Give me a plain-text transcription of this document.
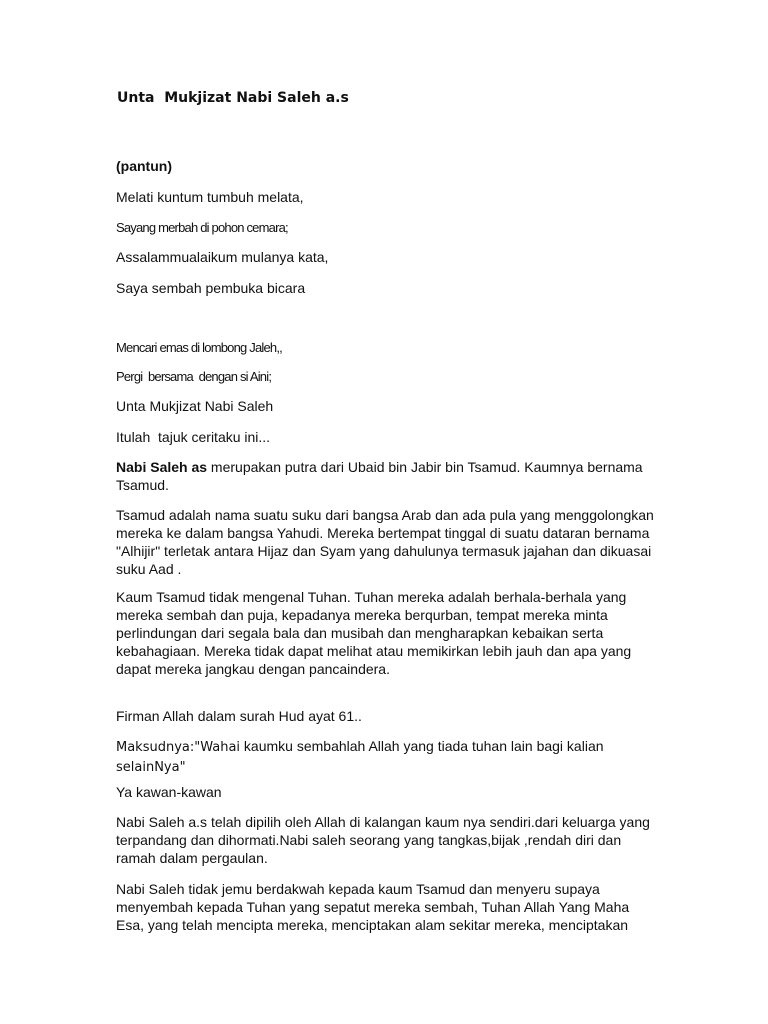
Unta  Mukjizat Nabi Saleh a.s
(pantun)
Melati kuntum tumbuh melata,
Sayang merbah di pohon cemara;
Assalammualaikum mulanya kata,
Saya sembah pembuka bicara
Mencari emas di lombong Jaleh,,
Pergi  bersama  dengan si Aini;
Unta Mukjizat Nabi Saleh
Itulah  tajuk ceritaku ini...
Nabi Saleh as merupakan putra dari Ubaid bin Jabir bin Tsamud. Kaumnya bernama Tsamud.
Tsamud adalah nama suatu suku dari bangsa Arab dan ada pula yang menggolongkan mereka ke dalam bangsa Yahudi. Mereka bertempat tinggal di suatu dataran bernama "Alhijir" terletak antara Hijaz dan Syam yang dahulunya termasuk jajahan dan dikuasai suku Aad .
Kaum Tsamud tidak mengenal Tuhan. Tuhan mereka adalah berhala-berhala yang mereka sembah dan puja, kepadanya mereka berqurban, tempat mereka minta perlindungan dari segala bala dan musibah dan mengharapkan kebaikan serta kebahagiaan. Mereka tidak dapat melihat atau memikirkan lebih jauh dan apa yang dapat mereka jangkau dengan pancaindera.
Firman Allah dalam surah Hud ayat 61..
Maksudnya:"Wahai kaumku sembahlah Allah yang tiada tuhan lain bagi kalian
selainNya"
Ya kawan-kawan
Nabi Saleh a.s telah dipilih oleh Allah di kalangan kaum nya sendiri.dari keluarga yang terpandang dan dihormati.Nabi saleh seorang yang tangkas,bijak ,rendah diri dan ramah dalam pergaulan.
Nabi Saleh tidak jemu berdakwah kepada kaum Tsamud dan menyeru supaya menyembah kepada Tuhan yang sepatut mereka sembah, Tuhan Allah Yang Maha Esa, yang telah mencipta mereka, menciptakan alam sekitar mereka, menciptakan
